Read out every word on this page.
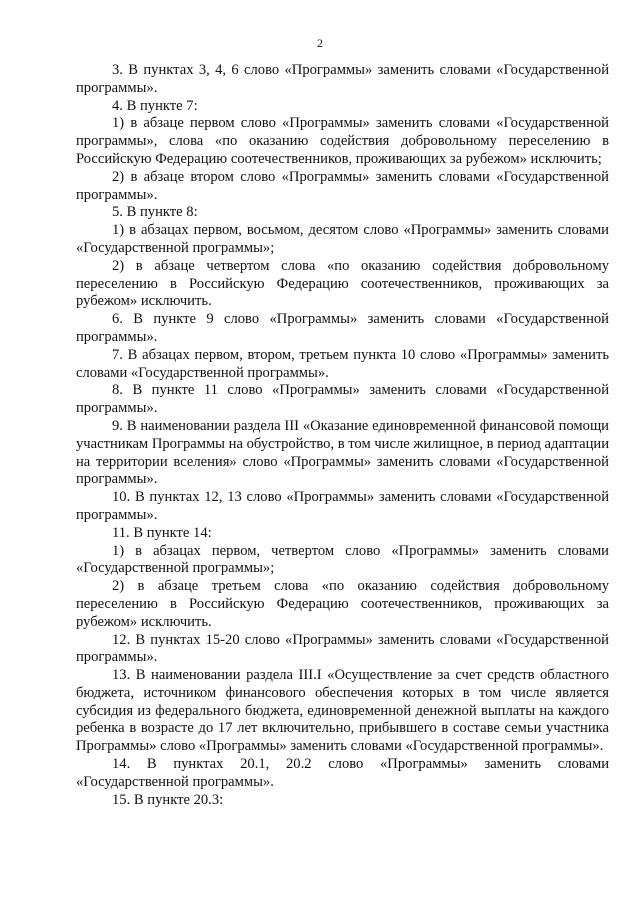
2

3. В пунктах 3, 4, 6 слово «Программы» заменить словами «Государственной программы».

4. В пункте 7:

1) в абзаце первом слово «Программы» заменить словами «Государственной программы», слова «по оказанию содействия добровольному переселению в Российскую Федерацию соотечественников, проживающих за рубежом» исключить;

2) в абзаце втором слово «Программы» заменить словами «Государственной программы».

5. В пункте 8:

1) в абзацах первом, восьмом, десятом слово «Программы» заменить словами «Государственной программы»;

2) в абзаце четвертом слова «по оказанию содействия добровольному переселению в Российскую Федерацию соотечественников, проживающих за рубежом» исключить.

6. В пункте 9 слово «Программы» заменить словами «Государственной программы».

7. В абзацах первом, втором, третьем пункта 10 слово «Программы» заменить словами «Государственной программы».

8. В пункте 11 слово «Программы» заменить словами «Государственной программы».

9. В наименовании раздела III «Оказание единовременной финансовой помощи участникам Программы на обустройство, в том числе жилищное, в период адаптации на территории вселения» слово «Программы» заменить словами «Государственной программы».

10. В пунктах 12, 13 слово «Программы» заменить словами «Государственной программы».

11. В пункте 14:

1) в абзацах первом, четвертом слово «Программы» заменить словами «Государственной программы»;

2) в абзаце третьем слова «по оказанию содействия добровольному переселению в Российскую Федерацию соотечественников, проживающих за рубежом» исключить.

12. В пунктах 15-20 слово «Программы» заменить словами «Государственной программы».

13. В наименовании раздела III.I «Осуществление за счет средств областного бюджета, источником финансового обеспечения которых в том числе является субсидия из федерального бюджета, единовременной денежной выплаты на каждого ребенка в возрасте до 17 лет включительно, прибывшего в составе семьи участника Программы» слово «Программы» заменить словами «Государственной программы».

14. В пунктах 20.1, 20.2 слово «Программы» заменить словами «Государственной программы».

15. В пункте 20.3:
